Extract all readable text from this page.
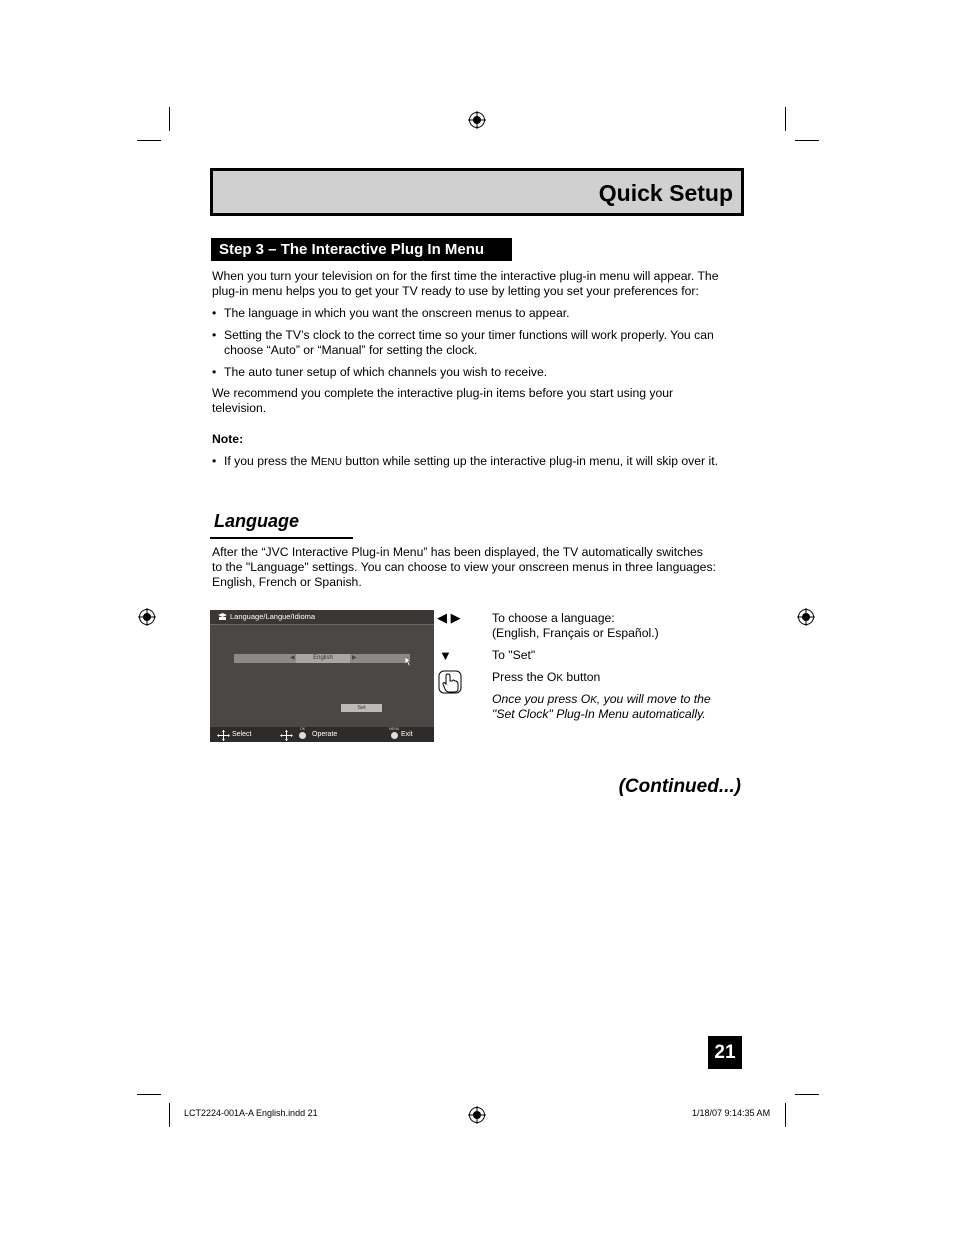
Quick Setup
Step 3 – The Interactive Plug In Menu
When you turn your television on for the first time the interactive plug-in menu will appear. The plug-in menu helps you to get your TV ready to use by letting you set your preferences for:
• The language in which you want the onscreen menus to appear.
• Setting the TV’s clock to the correct time so your timer functions will work properly. You can
choose “Auto” or “Manual” for setting the clock.
• The auto tuner setup of which channels you wish to receive.
We recommend you complete the interactive plug-in items before you start using your
television.
Note:
• If you press the MENU button while setting up the interactive plug-in menu, it will skip over it.
Language
After the “JVC Interactive Plug-in Menu” has been displayed, the TV automatically switches
to the "Language" settings. You can choose to view your onscreen menus in three languages:
English, French or Spanish.
Language/Langue/Idioma
◀	English	▶
Set
Select
OK
Operate
MENU
Exit
◀ ▶	To choose a language:
(English, Français or Español.)
▼	To "Set"
Press the OK button
Once you press OK, you will move to the
"Set Clock" Plug-In Menu automatically.
(Continued...)
21
LCT2224-001A-A English.indd 21	1/18/07 9:14:35 AM
